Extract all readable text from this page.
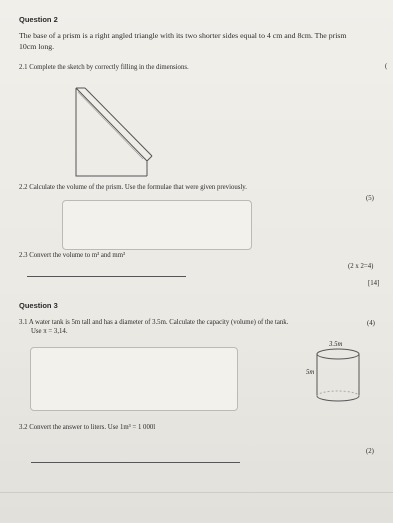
Question 2
The base of a prism is a right angled triangle with its two shorter sides equal to 4 cm and 8cm. The prism
10cm long.
2.1 Complete the sketch by correctly filling in the dimensions.	(
2.2 Calculate the volume of the prism. Use the formulae that were given previously.
(5)
2.3 Convert the volume to m³ and mm³
(2 x 2=4)
[14]
Question 3
3.1 A water tank is 5m tall and has a diameter of 3.5m. Calculate the capacity (volume) of the tank.
Use π = 3,14.
(4)
3.5m
5m
3.2 Convert the answer to liters. Use 1m³ = 1 000l
(2)
